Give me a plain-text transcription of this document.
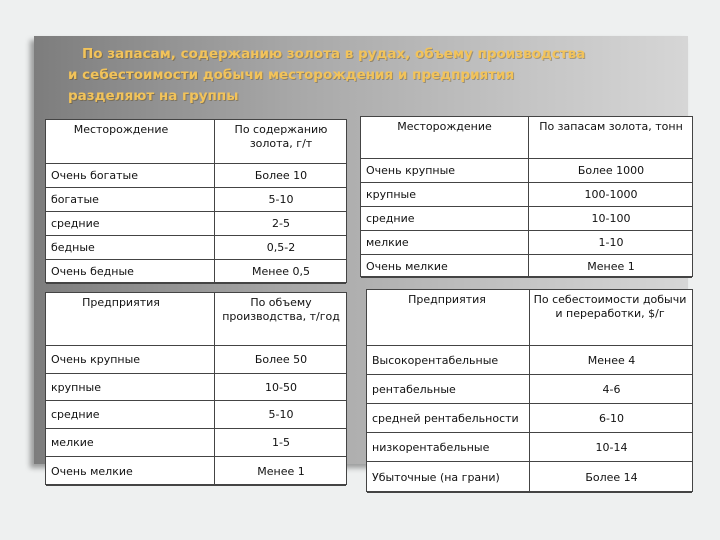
По запасам, содержанию золота в рудах, объему производства
и себестоимости добычи месторождения и предприятия
разделяют на группы
Месторождение	По содержанию золота, г/т
Очень богатые	Более 10
богатые	5-10
средние	2-5
бедные	0,5-2
Очень бедные	Менее 0,5
Месторождение	По запасам золота, тонн
Очень крупные	Более 1000
крупные	100-1000
средние	10-100
мелкие	1-10
Очень мелкие	Менее 1
Предприятия	По объему производства, т/год
Очень крупные	Более 50
крупные	10-50
средние	5-10
мелкие	1-5
Очень мелкие	Менее 1
Предприятия	По себестоимости добычи и переработки, $/г
Высокорентабельные	Менее 4
рентабельные	4-6
средней рентабельности	6-10
низкорентабельные	10-14
Убыточные (на грани)	Более 14
